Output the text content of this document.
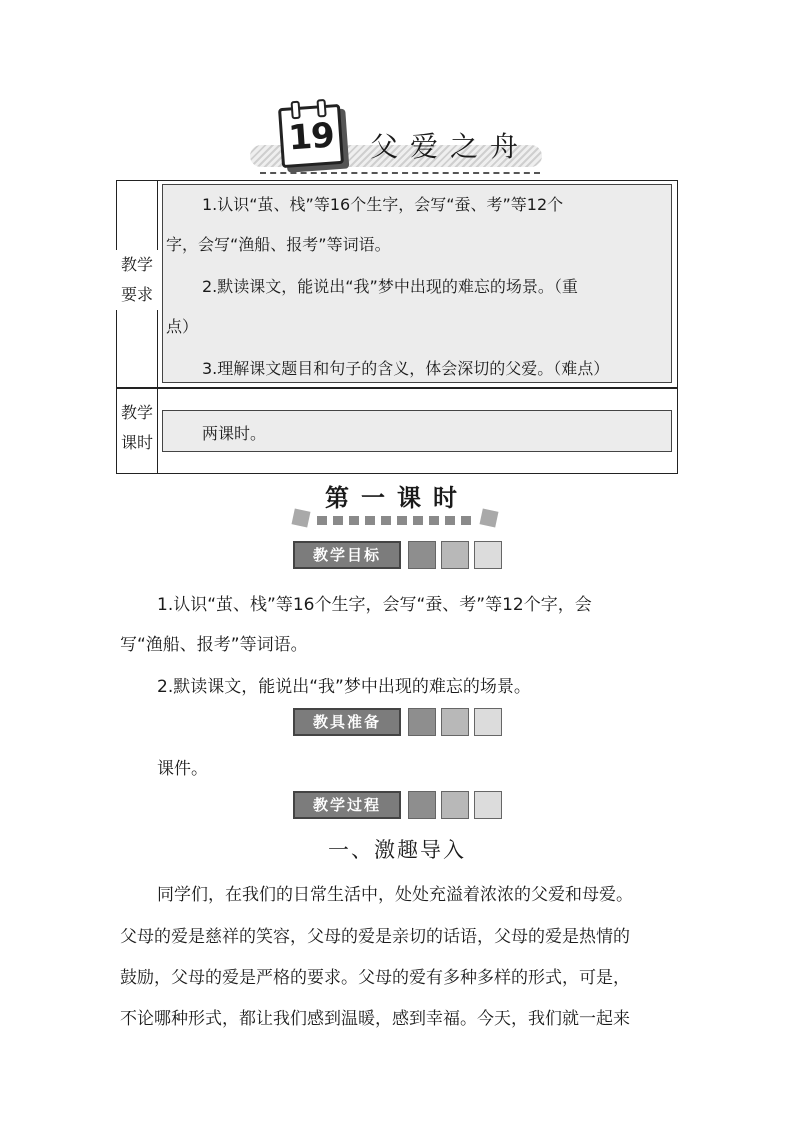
19 父爱之舟
教学
要求
教学
课时
1.认识“茧、栈”等16个生字，会写“蚕、考”等12个
字，会写“渔船、报考”等词语。
2.默读课文，能说出“我”梦中出现的难忘的场景。（重
点）
3.理解课文题目和句子的含义，体会深切的父爱。（难点）
两课时。
第一课时
教学目标
1.认识“茧、栈”等16个生字，会写“蚕、考”等12个字，会
写“渔船、报考”等词语。
2.默读课文，能说出“我”梦中出现的难忘的场景。
教具准备
课件。
教学过程
一、激趣导入
同学们，在我们的日常生活中，处处充溢着浓浓的父爱和母爱。
父母的爱是慈祥的笑容，父母的爱是亲切的话语，父母的爱是热情的
鼓励，父母的爱是严格的要求。父母的爱有多种多样的形式，可是，
不论哪种形式，都让我们感到温暖，感到幸福。今天，我们就一起来
